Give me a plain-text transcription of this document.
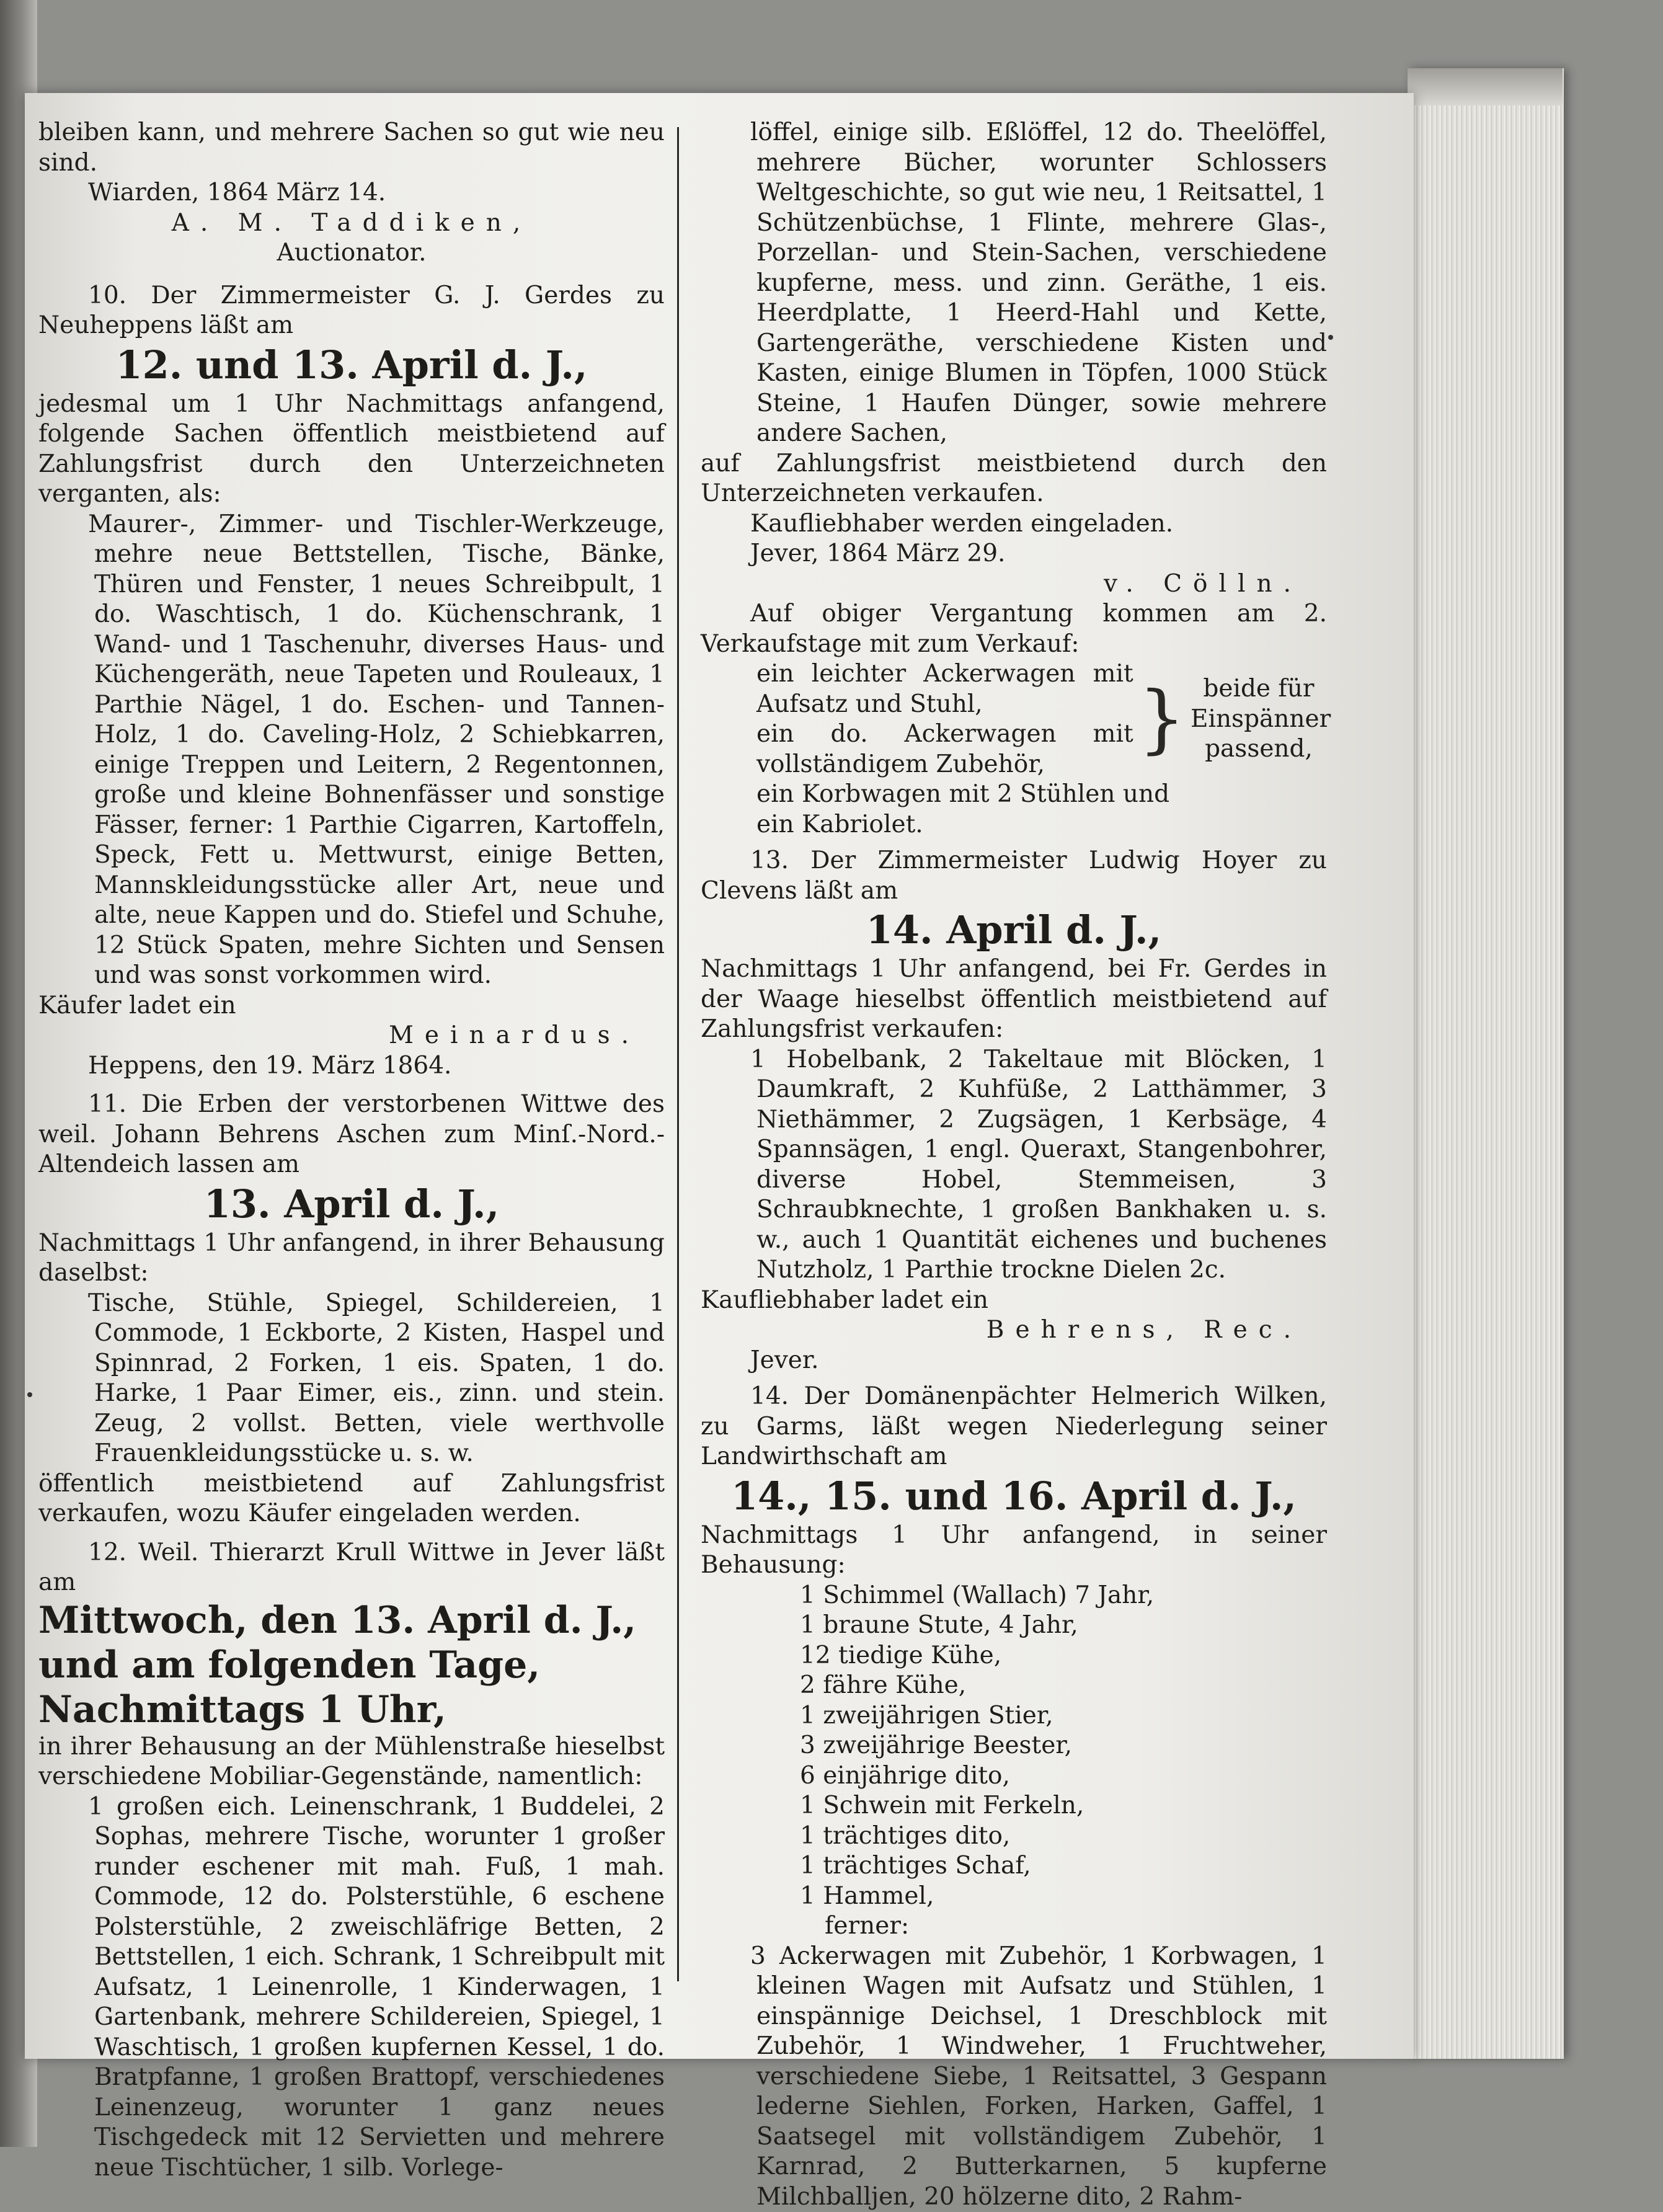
bleiben kann, und mehrere Sachen so gut wie neu sind.

Wiarden, 1864 März 14.

A. M. Taddiken,

Auctionator.

10. Der Zimmermeister G. J. Gerdes zu Neuheppens läßt am

12. und 13. April d. J.,

jedesmal um 1 Uhr Nachmittags anfangend, folgende Sachen öffentlich meistbietend auf Zahlungsfrist durch den Unterzeichneten verganten, als:

Maurer-, Zimmer- und Tischler-Werkzeuge, mehre neue Bettstellen, Tische, Bänke, Thüren und Fenster, 1 neues Schreibpult, 1 do. Waschtisch, 1 do. Küchenschrank, 1 Wand- und 1 Taschenuhr, diverses Haus- und Küchengeräth, neue Tapeten und Rouleaux, 1 Parthie Nägel, 1 do. Eschen- und Tannen-Holz, 1 do. Caveling-Holz, 2 Schiebkarren, einige Treppen und Leitern, 2 Regentonnen, große und kleine Bohnenfässer und sonstige Fässer, ferner: 1 Parthie Cigarren, Kartoffeln, Speck, Fett u. Mettwurst, einige Betten, Mannskleidungsstücke aller Art, neue und alte, neue Kappen und do. Stiefel und Schuhe, 12 Stück Spaten, mehre Sichten und Sensen und was sonst vorkommen wird.

Käufer ladet ein

Meinardus.

Heppens, den 19. März 1864.

11. Die Erben der verstorbenen Wittwe des weil. Johann Behrens Aschen zum Minſ.-Nord.-Altendeich lassen am

13. April d. J.,

Nachmittags 1 Uhr anfangend, in ihrer Behausung daselbst:

Tische, Stühle, Spiegel, Schildereien, 1 Commode, 1 Eckborte, 2 Kisten, Haspel und Spinnrad, 2 Forken, 1 eis. Spaten, 1 do. Harke, 1 Paar Eimer, eis., zinn. und stein. Zeug, 2 vollst. Betten, viele werthvolle Frauenkleidungsstücke u. s. w.

öffentlich meistbietend auf Zahlungsfrist verkaufen, wozu Käufer eingeladen werden.

12. Weil. Thierarzt Krull Wittwe in Jever läßt am

Mittwoch, den 13. April d. J., und am folgenden Tage, Nachmittags 1 Uhr,

in ihrer Behausung an der Mühlenstraße hieselbst verschiedene Mobiliar-Gegenstände, namentlich:

1 großen eich. Leinenschrank, 1 Buddelei, 2 Sophas, mehrere Tische, worunter 1 großer runder eschener mit mah. Fuß, 1 mah. Commode, 12 do. Polsterstühle, 6 eschene Polsterstühle, 2 zweischläfrige Betten, 2 Bettstellen, 1 eich. Schrank, 1 Schreibpult mit Aufsatz, 1 Leinenrolle, 1 Kinderwagen, 1 Gartenbank, mehrere Schildereien, Spiegel, 1 Waschtisch, 1 großen kupfernen Kessel, 1 do. Bratpfanne, 1 großen Brattopf, verschiedenes Leinenzeug, worunter 1 ganz neues Tischgedeck mit 12 Servietten und mehrere neue Tischtücher, 1 silb. Vorlege-

löffel, einige silb. Eßlöffel, 12 do. Theelöffel, mehrere Bücher, worunter Schlossers Weltgeschichte, so gut wie neu, 1 Reitsattel, 1 Schützenbüchse, 1 Flinte, mehrere Glas-, Porzellan- und Stein-Sachen, verschiedene kupferne, mess. und zinn. Geräthe, 1 eis. Heerdplatte, 1 Heerd-Hahl und Kette, Gartengeräthe, verschiedene Kisten und Kasten, einige Blumen in Töpfen, 1000 Stück Steine, 1 Haufen Dünger, sowie mehrere andere Sachen,

auf Zahlungsfrist meistbietend durch den Unterzeichneten verkaufen.

Kaufliebhaber werden eingeladen.

Jever, 1864 März 29.

v. Cölln.

Auf obiger Vergantung kommen am 2. Verkaufstage mit zum Verkauf:

ein leichter Ackerwagen mit Aufsatz und Stuhl,

ein do. Ackerwagen mit vollständigem Zubehör,

} beide für Einspänner passend,

ein Korbwagen mit 2 Stühlen und

ein Kabriolet.

13. Der Zimmermeister Ludwig Hoyer zu Clevens läßt am

14. April d. J.,

Nachmittags 1 Uhr anfangend, bei Fr. Gerdes in der Waage hieselbst öffentlich meistbietend auf Zahlungsfrist verkaufen:

1 Hobelbank, 2 Takeltaue mit Blöcken, 1 Daumkraft, 2 Kuhfüße, 2 Latthämmer, 3 Niethämmer, 2 Zugsägen, 1 Kerbsäge, 4 Spannsägen, 1 engl. Queraxt, Stangenbohrer, diverse Hobel, Stemmeisen, 3 Schraubknechte, 1 großen Bankhaken u. s. w., auch 1 Quantität eichenes und buchenes Nutzholz, 1 Parthie trockne Dielen 2c.

Kaufliebhaber ladet ein

Behrens, Rec.

Jever.

14. Der Domänenpächter Helmerich Wilken, zu Garms, läßt wegen Niederlegung seiner Landwirthschaft am

14., 15. und 16. April d. J.,

Nachmittags 1 Uhr anfangend, in seiner Behausung:

1 Schimmel (Wallach) 7 Jahr,

1 braune Stute, 4 Jahr,

12 tiedige Kühe,

2 fähre Kühe,

1 zweijährigen Stier,

3 zweijährige Beester,

6 einjährige dito,

1 Schwein mit Ferkeln,

1 trächtiges dito,

1 trächtiges Schaf,

1 Hammel,

ferner:

3 Ackerwagen mit Zubehör, 1 Korbwagen, 1 kleinen Wagen mit Aufsatz und Stühlen, 1 einspännige Deichsel, 1 Dreschblock mit Zubehör, 1 Windweher, 1 Fruchtweher, verschiedene Siebe, 1 Reitsattel, 3 Gespann lederne Siehlen, Forken, Harken, Gaffel, 1 Saatsegel mit vollständigem Zubehör, 1 Karnrad, 2 Butterkarnen, 5 kupferne Milchballjen, 20 hölzerne dito, 2 Rahm-
